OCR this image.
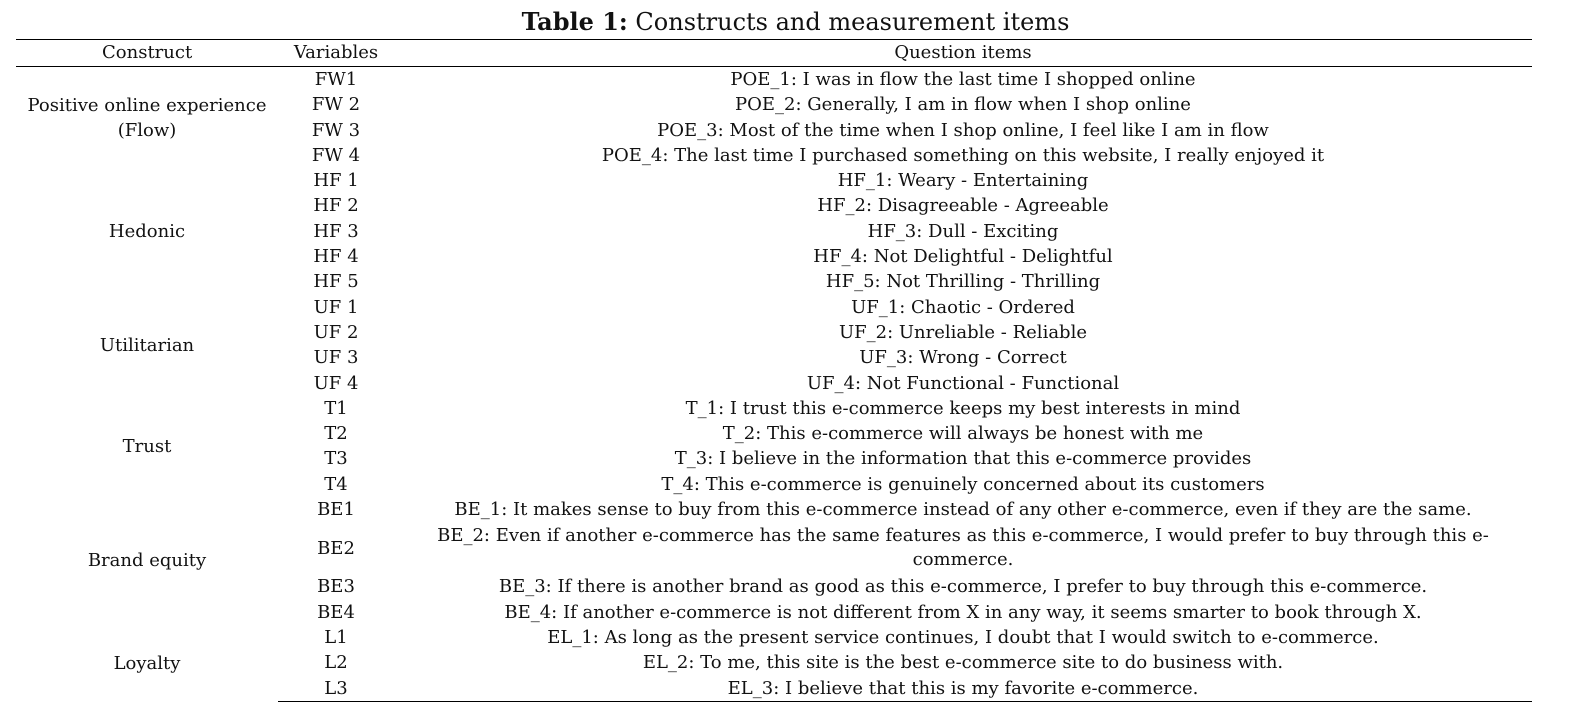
Table 1: Constructs and measurement items
Construct	Variables	Question items
Positive online experience (Flow)	FW1	POE_1: I was in flow the last time I shopped online
	FW 2	POE_2: Generally, I am in flow when I shop online
	FW 3	POE_3: Most of the time when I shop online, I feel like I am in flow
	FW 4	POE_4: The last time I purchased something on this website, I really enjoyed it
Hedonic	HF 1	HF_1: Weary - Entertaining
	HF 2	HF_2: Disagreeable - Agreeable
	HF 3	HF_3: Dull - Exciting
	HF 4	HF_4: Not Delightful - Delightful
	HF 5	HF_5: Not Thrilling - Thrilling
Utilitarian	UF 1	UF_1: Chaotic - Ordered
	UF 2	UF_2: Unreliable - Reliable
	UF 3	UF_3: Wrong - Correct
	UF 4	UF_4: Not Functional - Functional
Trust	T1	T_1: I trust this e-commerce keeps my best interests in mind
	T2	T_2: This e-commerce will always be honest with me
	T3	T_3: I believe in the information that this e-commerce provides
	T4	T_4: This e-commerce is genuinely concerned about its customers
Brand equity	BE1	BE_1: It makes sense to buy from this e-commerce instead of any other e-commerce, even if they are the same.
	BE2	BE_2: Even if another e-commerce has the same features as this e-commerce, I would prefer to buy through this e-commerce.
	BE3	BE_3: If there is another brand as good as this e-commerce, I prefer to buy through this e-commerce.
	BE4	BE_4: If another e-commerce is not different from X in any way, it seems smarter to book through X.
Loyalty	L1	EL_1: As long as the present service continues, I doubt that I would switch to e-commerce.
	L2	EL_2: To me, this site is the best e-commerce site to do business with.
	L3	EL_3: I believe that this is my favorite e-commerce.
